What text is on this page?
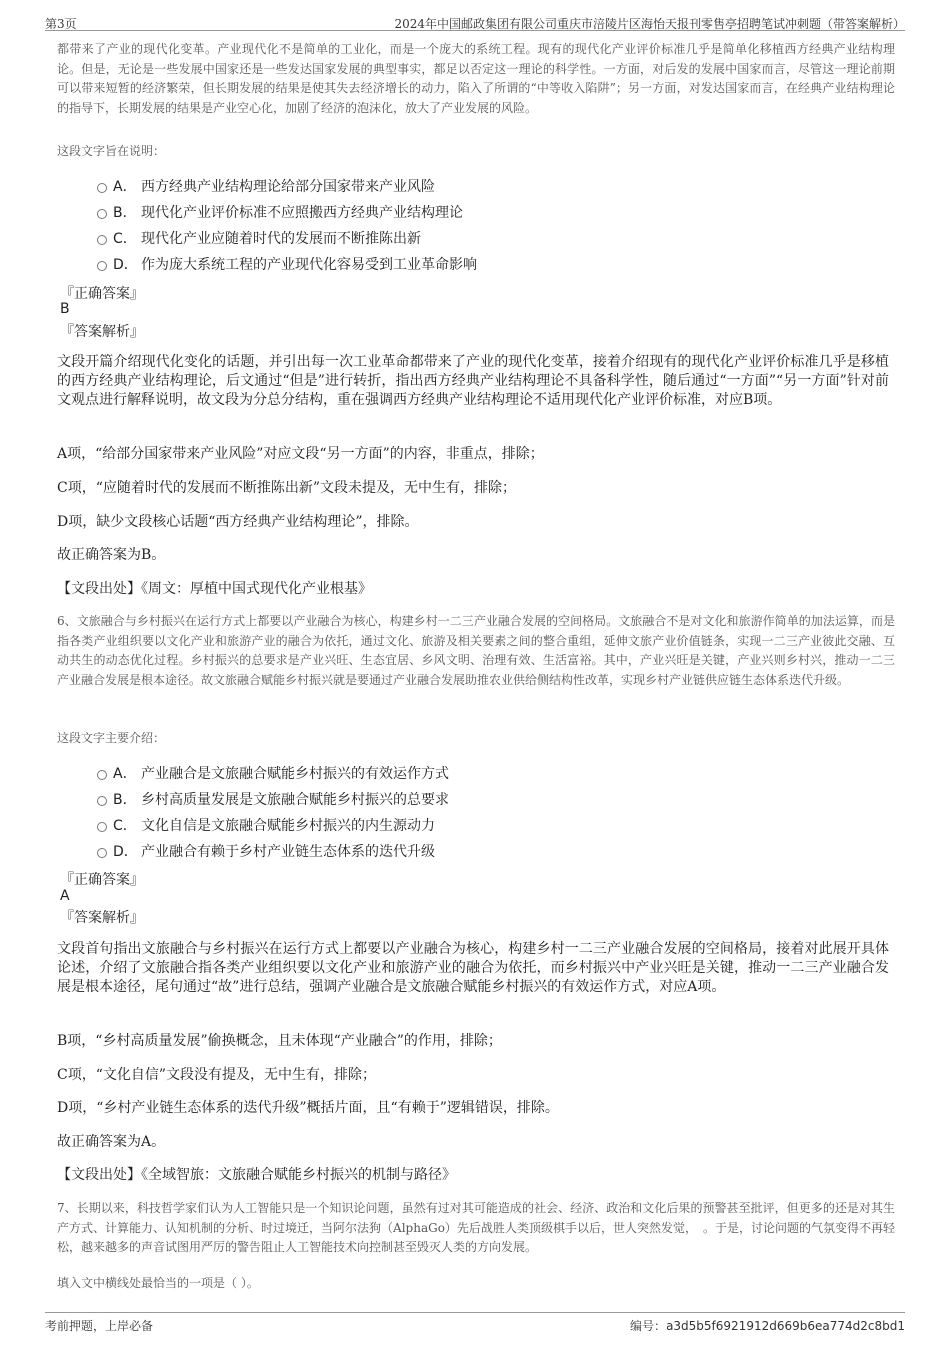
第3页	2024年中国邮政集团有限公司重庆市涪陵片区海怡天报刊零售亭招聘笔试冲刺题（带答案解析）
都带来了产业的现代化变革。产业现代化不是简单的工业化，而是一个庞大的系统工程。现有的现代化产业评价标准几乎是简单化移植西方经典产业结构理论。但是，无论是一些发展中国家还是一些发达国家发展的典型事实，都足以否定这一理论的科学性。一方面，对后发的发展中国家而言，尽管这一理论前期可以带来短暂的经济繁荣，但长期发展的结果是使其失去经济增长的动力，陷入了所谓的“中等收入陷阱”；另一方面，对发达国家而言，在经典产业结构理论的指导下，长期发展的结果是产业空心化，加剧了经济的泡沫化，放大了产业发展的风险。
这段文字旨在说明：
A． 西方经典产业结构理论给部分国家带来产业风险
B． 现代化产业评价标准不应照搬西方经典产业结构理论
C． 现代化产业应随着时代的发展而不断推陈出新
D． 作为庞大系统工程的产业现代化容易受到工业革命影响
『正确答案』
B
『答案解析』
文段开篇介绍现代化变化的话题，并引出每一次工业革命都带来了产业的现代化变革，接着介绍现有的现代化产业评价标准几乎是移植的西方经典产业结构理论，后文通过“但是”进行转折，指出西方经典产业结构理论不具备科学性，随后通过“一方面”“另一方面”针对前文观点进行解释说明，故文段为分总分结构，重在强调西方经典产业结构理论不适用现代化产业评价标准，对应B项。
A项，“给部分国家带来产业风险”对应文段“另一方面”的内容，非重点，排除；
C项，“应随着时代的发展而不断推陈出新”文段未提及，无中生有，排除；
D项，缺少文段核心话题“西方经典产业结构理论”，排除。
故正确答案为B。
【文段出处】《周文：厚植中国式现代化产业根基》
6、文旅融合与乡村振兴在运行方式上都要以产业融合为核心，构建乡村一二三产业融合发展的空间格局。文旅融合不是对文化和旅游作简单的加法运算，而是指各类产业组织要以文化产业和旅游产业的融合为依托，通过文化、旅游及相关要素之间的整合重组，延伸文旅产业价值链条，实现一二三产业彼此交融、互动共生的动态优化过程。乡村振兴的总要求是产业兴旺、生态宜居、乡风文明、治理有效、生活富裕。其中，产业兴旺是关键，产业兴则乡村兴，推动一二三产业融合发展是根本途径。故文旅融合赋能乡村振兴就是要通过产业融合发展助推农业供给侧结构性改革，实现乡村产业链供应链生态体系迭代升级。
这段文字主要介绍：
A． 产业融合是文旅融合赋能乡村振兴的有效运作方式
B． 乡村高质量发展是文旅融合赋能乡村振兴的总要求
C． 文化自信是文旅融合赋能乡村振兴的内生源动力
D． 产业融合有赖于乡村产业链生态体系的迭代升级
『正确答案』
A
『答案解析』
文段首句指出文旅融合与乡村振兴在运行方式上都要以产业融合为核心，构建乡村一二三产业融合发展的空间格局，接着对此展开具体论述，介绍了文旅融合指各类产业组织要以文化产业和旅游产业的融合为依托，而乡村振兴中产业兴旺是关键，推动一二三产业融合发展是根本途径，尾句通过“故”进行总结，强调产业融合是文旅融合赋能乡村振兴的有效运作方式，对应A项。
B项，“乡村高质量发展”偷换概念，且未体现“产业融合”的作用，排除；
C项，“文化自信”文段没有提及，无中生有，排除；
D项，“乡村产业链生态体系的迭代升级”概括片面，且“有赖于”逻辑错误，排除。
故正确答案为A。
【文段出处】《全域智旅：文旅融合赋能乡村振兴的机制与路径》
7、长期以来，科技哲学家们认为人工智能只是一个知识论问题，虽然有过对其可能造成的社会、经济、政治和文化后果的预警甚至批评，但更多的还是对其生产方式、计算能力、认知机制的分析、时过境迁，当阿尔法狗（AlphaGo）先后战胜人类顶级棋手以后，世人突然发觉，　。于是，讨论问题的气氛变得不再轻松，越来越多的声音试图用严厉的警告阻止人工智能技术向控制甚至毁灭人类的方向发展。
填入文中横线处最恰当的一项是（ ）。
考前押题，上岸必备	编号：a3d5b5f6921912d669b6ea774d2c8bd1
